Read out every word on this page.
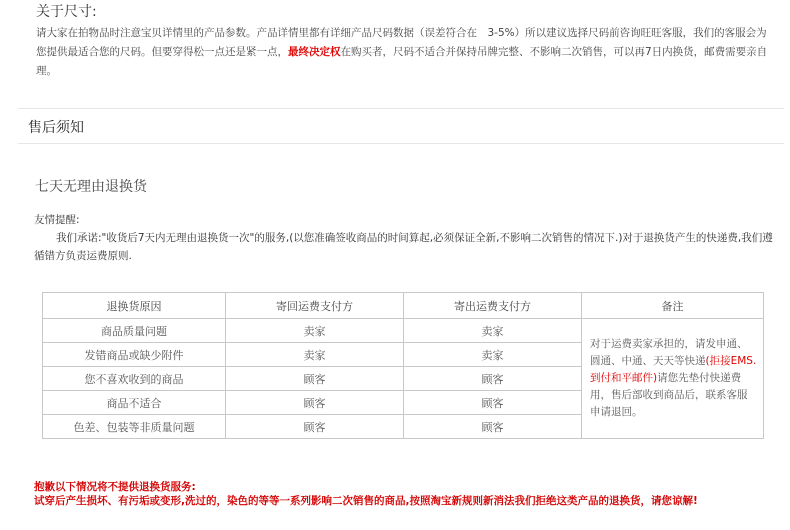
关于尺寸:
请大家在拍物品时注意宝贝详情里的产品参数。产品详情里都有详细产品尺码数据（误差符合在　3-5%）所以建议选择尺码前咨询旺旺客服，我们的客服会为您提供最适合您的尺码。但要穿得松一点还是紧一点，最终决定权在购买者，尺码不适合并保持吊牌完整、不影响二次销售，可以再7日内换货，邮费需要亲自理。
售后须知
七天无理由退换货
友情提醒:
我们承诺:"收货后7天内无理由退换货一次"的服务,(以您准确签收商品的时间算起,必须保证全新,不影响二次销售的情况下.)对于退换货产生的快递费,我们遵循错方负责运费原则.
退换货原因	寄回运费支付方	寄出运费支付方	备注
商品质量问题	卖家	卖家	对于运费卖家承担的，请发申通、圆通、中通、天天等快递(拒接EMS.到付和平邮件)请您先垫付快递费用，售后部收到商品后，联系客服申请退回。
发错商品或缺少附件	卖家	卖家	
您不喜欢收到的商品	顾客	顾客	
商品不适合	顾客	顾客	
色差、包装等非质量问题	顾客	顾客	
抱歉以下情况将不提供退换货服务:
试穿后产生损坏、有污垢或变形,洗过的，染色的等等一系列影响二次销售的商品,按照淘宝新规则新消法我们拒绝这类产品的退换货，请您谅解!
